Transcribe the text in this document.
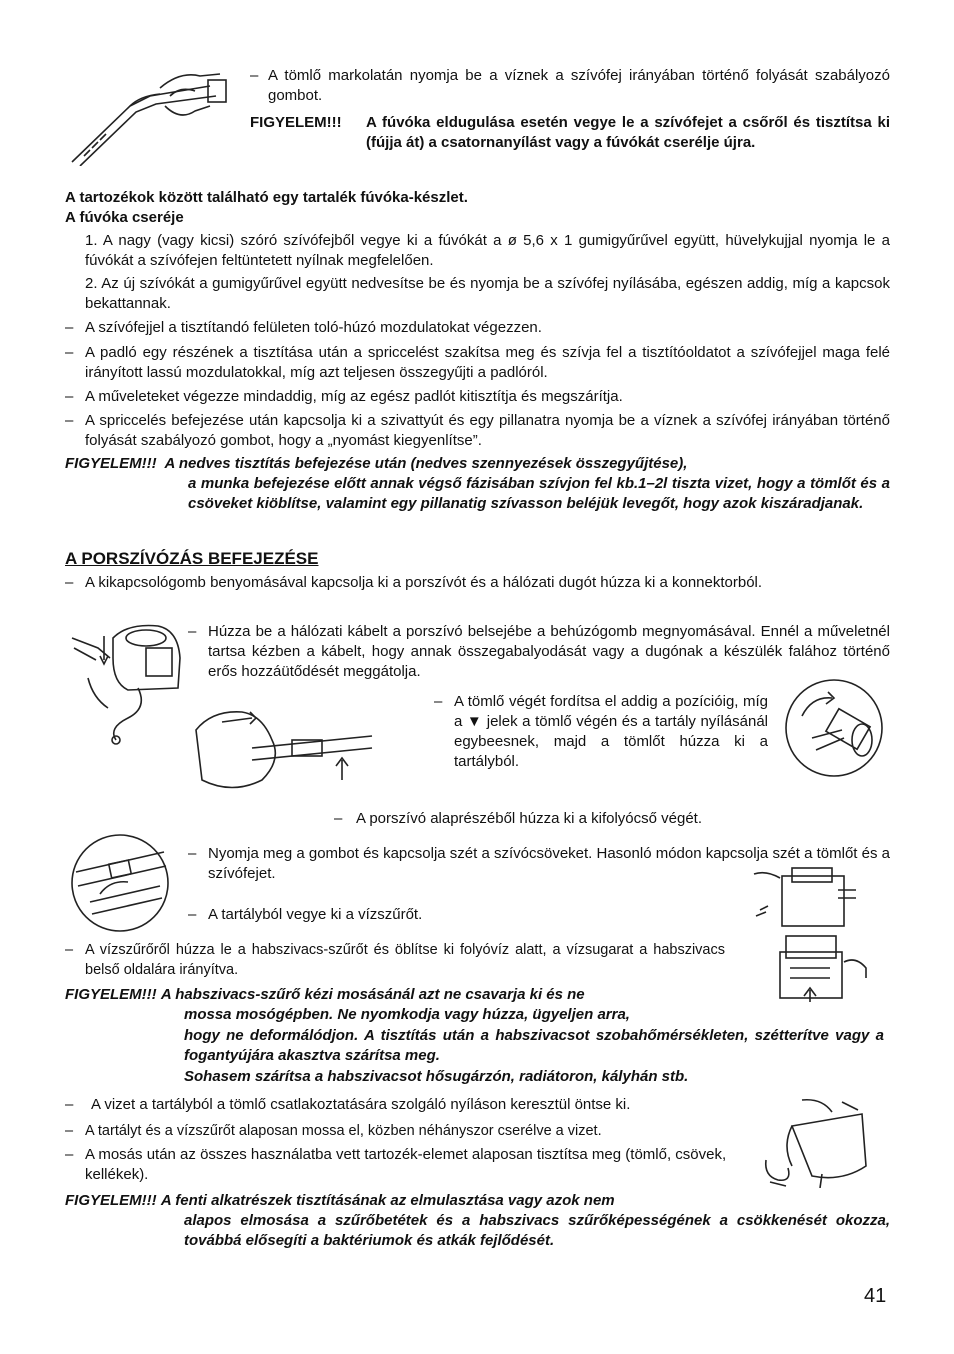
– A tömlő markolatán nyomja be a víznek a szívófej irányában történő folyását szabályozó gombot.
FIGYELEM!!! A fúvóka eldugulása esetén vegye le a szívófejet a csőről és tisztítsa ki (fújja át) a csatornanyílást vagy a fúvókát cserélje újra.
A tartozékok között található egy tartalék fúvóka-készlet.
A fúvóka cseréje
1. A nagy (vagy kicsi) szóró szívófejből vegye ki a fúvókát a ø 5,6 x 1 gumigyűrűvel együtt, hüvelykujjal nyomja le a fúvókát a szívófejen feltüntetett nyílnak megfelelően.
2. Az új szívókát a gumigyűrűvel együtt nedvesítse be és nyomja be a szívófej nyílásába, egészen addig, míg a kapcsok bekattannak.
– A szívófejjel a tisztítandó felületen toló-húzó mozdulatokat végezzen.
– A padló egy részének a tisztítása után a spriccelést szakítsa meg és szívja fel a tisztítóoldatot a szívófejjel maga felé irányított lassú mozdulatokkal, míg azt teljesen összegyűjti a padlóról.
– A műveleteket végezze mindaddig, míg az egész padlót kitisztítja és megszárítja.
– A spriccelés befejezése után kapcsolja ki a szivattyút és egy pillanatra nyomja be a víznek a szívófej irányában történő folyását szabályozó gombot, hogy a „nyomást kiegyenlítse”.
FIGYELEM!!! A nedves tisztítás befejezése után (nedves szennyezések összegyűjtése),
a munka befejezése előtt annak végső fázisában szívjon fel kb.1–2l tiszta vizet, hogy a tömlőt és a csöveket kiöblítse, valamint egy pillanatig szívasson beléjük levegőt, hogy azok kiszáradjanak.
A PORSZÍVÓZÁS BEFEJEZÉSE
– A kikapcsológomb benyomásával kapcsolja ki a porszívót és a hálózati dugót húzza ki a konnektorból.
– Húzza be a hálózati kábelt a porszívó belsejébe a behúzógomb megnyomásával. Ennél a műveletnél tartsa kézben a kábelt, hogy annak összegabalyodását vagy a dugónak a készülék falához történő erős hozzáütődését meggátolja.
– A tömlő végét fordítsa el addig a pozícióig, míg a ▼ jelek a tömlő végén és a tartály nyílásánál egybeesnek, majd a tömlőt húzza ki a tartályból.
– A porszívó alaprészéből húzza ki a kifolyócső végét.
– Nyomja meg a gombot és kapcsolja szét a szívócsöveket. Hasonló módon kapcsolja szét a tömlőt és a szívófejet.
– A tartályból vegye ki a vízszűrőt.
– A vízszűrőről húzza le a habszivacs-szűrőt és öblítse ki folyóvíz alatt, a vízsugarat a habszivacs belső oldalára irányítva.
FIGYELEM!!! A habszivacs-szűrő kézi mosásánál azt ne csavarja ki és ne
mossa mosógépben. Ne nyomkodja vagy húzza, ügyeljen arra,
hogy ne deformálódjon. A tisztítás után a habszivacsot szobahőmérsékleten, szétterítve vagy a fogantyújára akasztva szárítsa meg.
Sohasem szárítsa a habszivacsot hősugárzón, radiátoron, kályhán stb.
–	A vizet a tartályból a tömlő csatlakoztatására szolgáló nyíláson keresztül öntse ki.
– A tartályt és a vízszűrőt alaposan mossa el, közben néhányszor cserélve a vizet.
– A mosás után az összes használatba vett tartozék-elemet alaposan tisztítsa meg (tömlő, csövek, kellékek).
FIGYELEM!!! A fenti alkatrészek tisztításának az elmulasztása vagy azok nem
alapos elmosása a szűrőbetétek és a habszivacs szűrőképességének a csökkenését okozza, továbbá elősegíti a baktériumok és atkák fejlődését.
41
